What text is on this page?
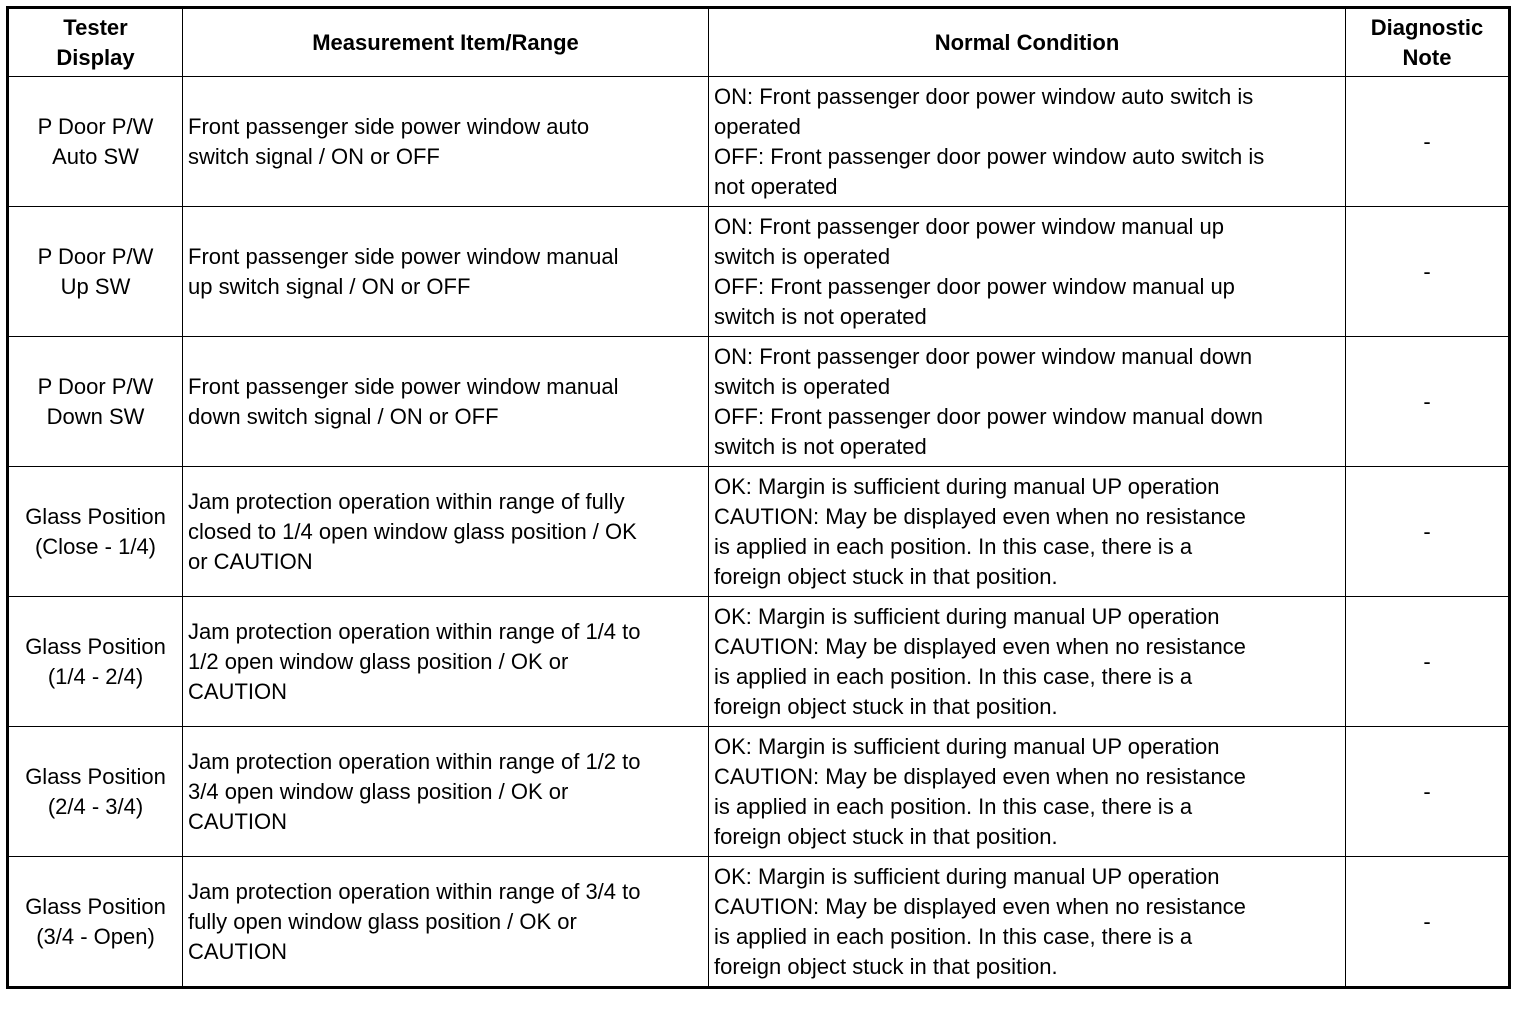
Tester
Display	Measurement Item/Range	Normal Condition	Diagnostic
Note

P Door P/W
Auto SW	Front passenger side power window auto
switch signal / ON or OFF	ON: Front passenger door power window auto switch is
operated
OFF: Front passenger door power window auto switch is
not operated	-

P Door P/W
Up SW	Front passenger side power window manual
up switch signal / ON or OFF	ON: Front passenger door power window manual up
switch is operated
OFF: Front passenger door power window manual up
switch is not operated	-

P Door P/W
Down SW	Front passenger side power window manual
down switch signal / ON or OFF	ON: Front passenger door power window manual down
switch is operated
OFF: Front passenger door power window manual down
switch is not operated	-

Glass Position
(Close - 1/4)	Jam protection operation within range of fully
closed to 1/4 open window glass position / OK
or CAUTION	OK: Margin is sufficient during manual UP operation
CAUTION: May be displayed even when no resistance
is applied in each position. In this case, there is a
foreign object stuck in that position.	-

Glass Position
(1/4 - 2/4)	Jam protection operation within range of 1/4 to
1/2 open window glass position / OK or
CAUTION	OK: Margin is sufficient during manual UP operation
CAUTION: May be displayed even when no resistance
is applied in each position. In this case, there is a
foreign object stuck in that position.	-

Glass Position
(2/4 - 3/4)	Jam protection operation within range of 1/2 to
3/4 open window glass position / OK or
CAUTION	OK: Margin is sufficient during manual UP operation
CAUTION: May be displayed even when no resistance
is applied in each position. In this case, there is a
foreign object stuck in that position.	-

Glass Position
(3/4 - Open)	Jam protection operation within range of 3/4 to
fully open window glass position / OK or
CAUTION	OK: Margin is sufficient during manual UP operation
CAUTION: May be displayed even when no resistance
is applied in each position. In this case, there is a
foreign object stuck in that position.	-
